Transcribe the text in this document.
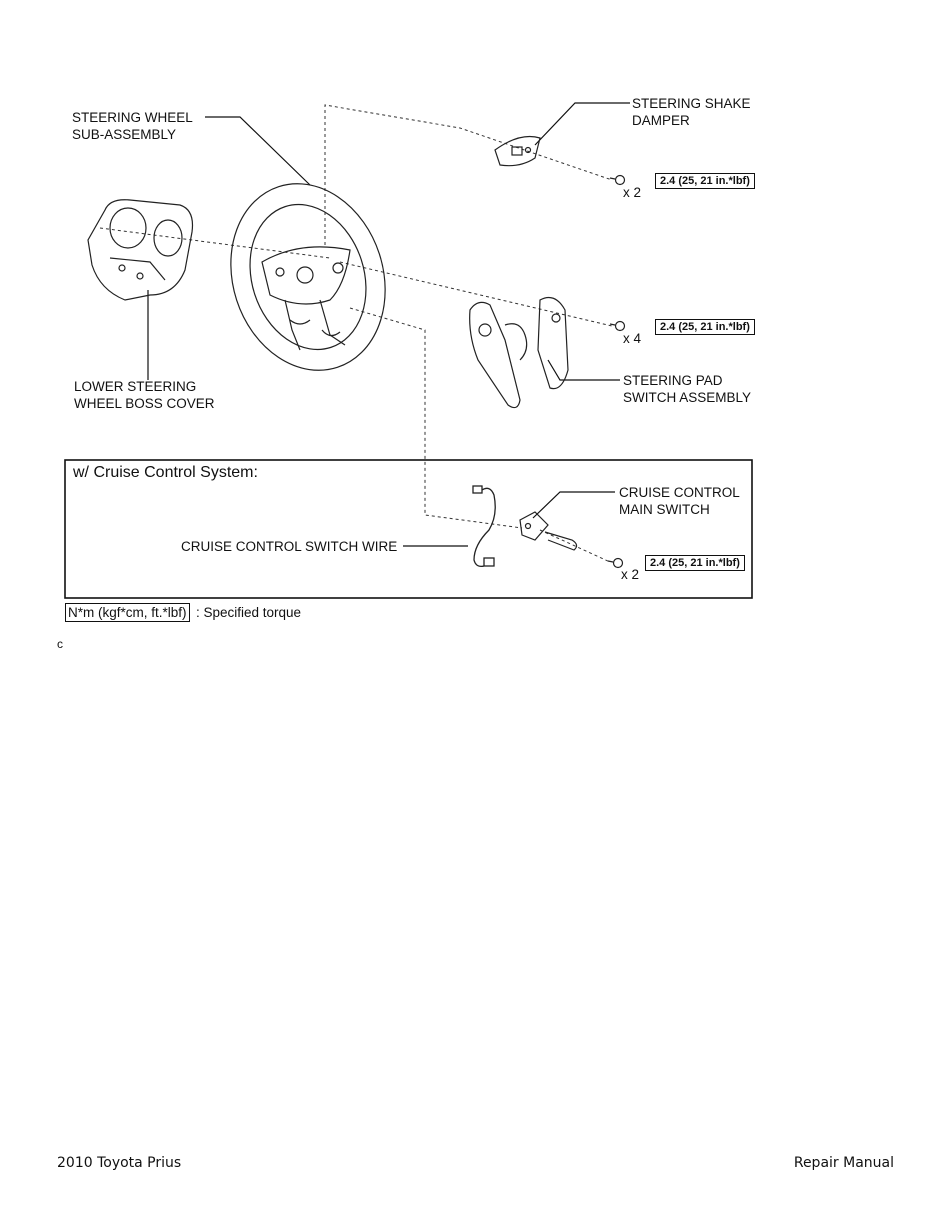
STEERING WHEEL
SUB-ASSEMBLY
STEERING SHAKE
DAMPER
LOWER STEERING
WHEEL BOSS COVER
STEERING PAD
SWITCH ASSEMBLY
CRUISE CONTROL
MAIN SWITCH
CRUISE CONTROL SWITCH WIRE
w/ Cruise Control System:
2.4 (25, 21 in.*lbf)
x 2
2.4 (25, 21 in.*lbf)
x 4
2.4 (25, 21 in.*lbf)
x 2
N*m (kgf*cm, ft.*lbf) : Specified torque
c
2010 Toyota Prius	Repair Manual
